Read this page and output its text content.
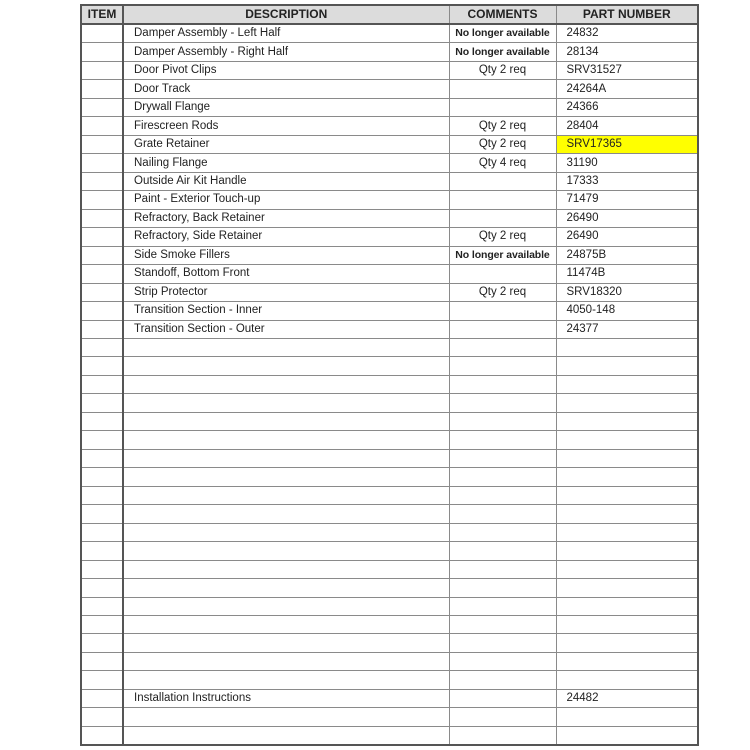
ITEM	DESCRIPTION	COMMENTS	PART NUMBER
	Damper Assembly - Left Half	No longer available	24832
	Damper Assembly - Right Half	No longer available	28134
	Door Pivot Clips	Qty 2 req	SRV31527
	Door Track		24264A
	Drywall Flange		24366
	Firescreen Rods	Qty 2 req	28404
	Grate Retainer	Qty 2 req	SRV17365
	Nailing Flange	Qty 4 req	31190
	Outside Air Kit Handle		17333
	Paint - Exterior Touch-up		71479
	Refractory, Back Retainer		26490
	Refractory, Side Retainer	Qty 2 req	26490
	Side Smoke Fillers	No longer available	24875B
	Standoff, Bottom Front		11474B
	Strip Protector	Qty 2 req	SRV18320
	Transition Section - Inner		4050-148
	Transition Section - Outer		24377

	Installation Instructions		24482
